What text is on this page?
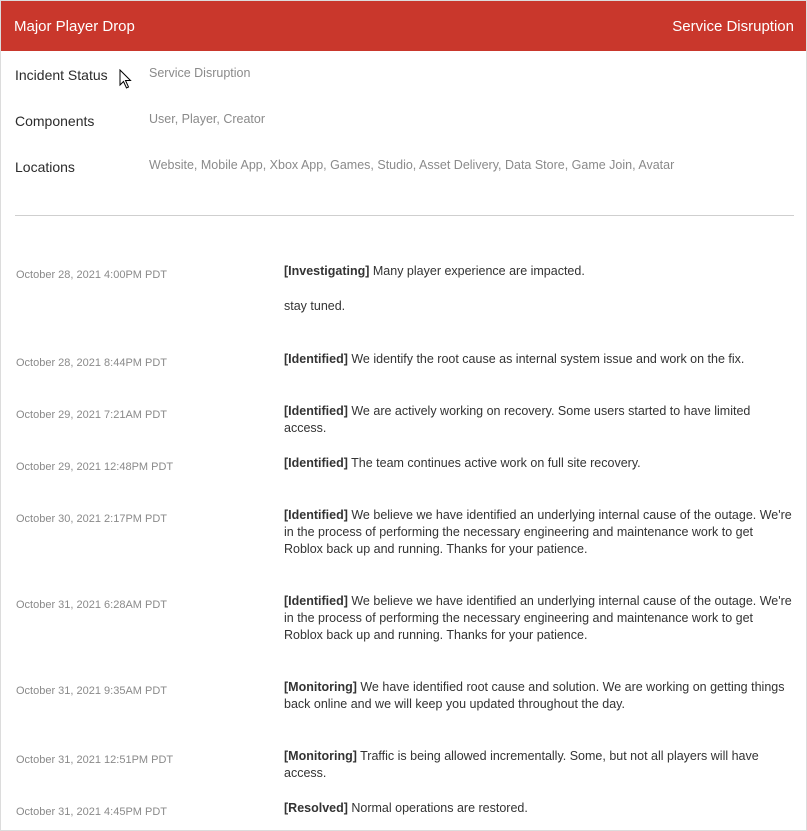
Major Player Drop	Service Disruption
Incident Status	Service Disruption
Components	User, Player, Creator
Locations	Website, Mobile App, Xbox App, Games, Studio, Asset Delivery, Data Store, Game Join, Avatar
October 28, 2021 4:00PM PDT	[Investigating] Many player experience are impacted.

stay tuned.

October 28, 2021 8:44PM PDT	[Identified] We identify the root cause as internal system issue and work on the fix.

October 29, 2021 7:21AM PDT	[Identified] We are actively working on recovery. Some users started to have limited access.

October 29, 2021 12:48PM PDT	[Identified] The team continues active work on full site recovery.

October 30, 2021 2:17PM PDT	[Identified] We believe we have identified an underlying internal cause of the outage. We're in the process of performing the necessary engineering and maintenance work to get Roblox back up and running. Thanks for your patience.

October 31, 2021 6:28AM PDT	[Identified] We believe we have identified an underlying internal cause of the outage. We're in the process of performing the necessary engineering and maintenance work to get Roblox back up and running. Thanks for your patience.

October 31, 2021 9:35AM PDT	[Monitoring] We have identified root cause and solution. We are working on getting things back online and we will keep you updated throughout the day.

October 31, 2021 12:51PM PDT	[Monitoring] Traffic is being allowed incrementally. Some, but not all players will have access.

October 31, 2021 4:45PM PDT	[Resolved] Normal operations are restored.
